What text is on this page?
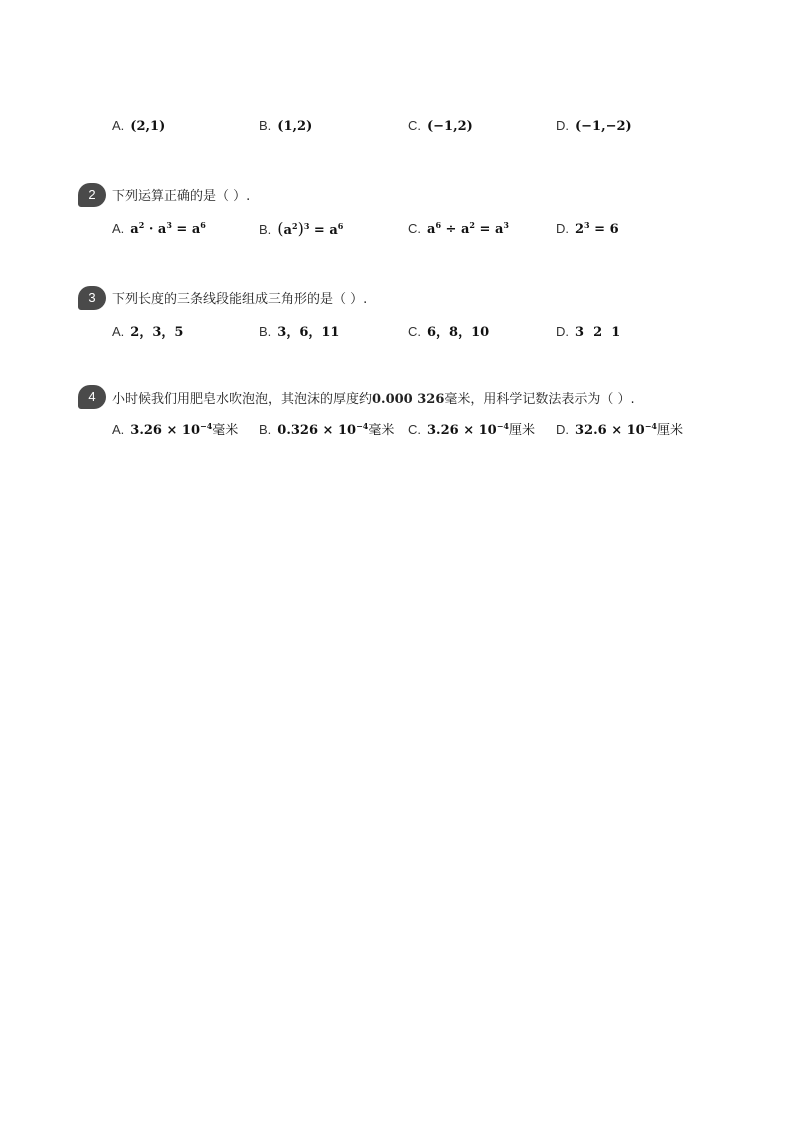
A. (2,1)	B. (1,2)	C. (−1,2)	D. (−1,−2)
2	下列运算正确的是（ ）.
A. $a^2 \cdot a^3 = a^6$	B. $(a^2)^3 = a^6$	C. $a^6 \div a^2 = a^3$	D. $2^3 = 6$
3	下列长度的三条线段能组成三角形的是（ ）.
A. 2，3，5	B. 3，6，11	C. 6，8，10	D. 3  2  1
4	小时候我们用肥皂水吹泡泡，其泡沫的厚度约0.000 326毫米，用科学记数法表示为（ ）.
A. $3.26 \times 10^{-4}$毫米 B. $0.326 \times 10^{-4}$毫米 C. $3.26 \times 10^{-4}$厘米 D. $32.6 \times 10^{-4}$厘米
